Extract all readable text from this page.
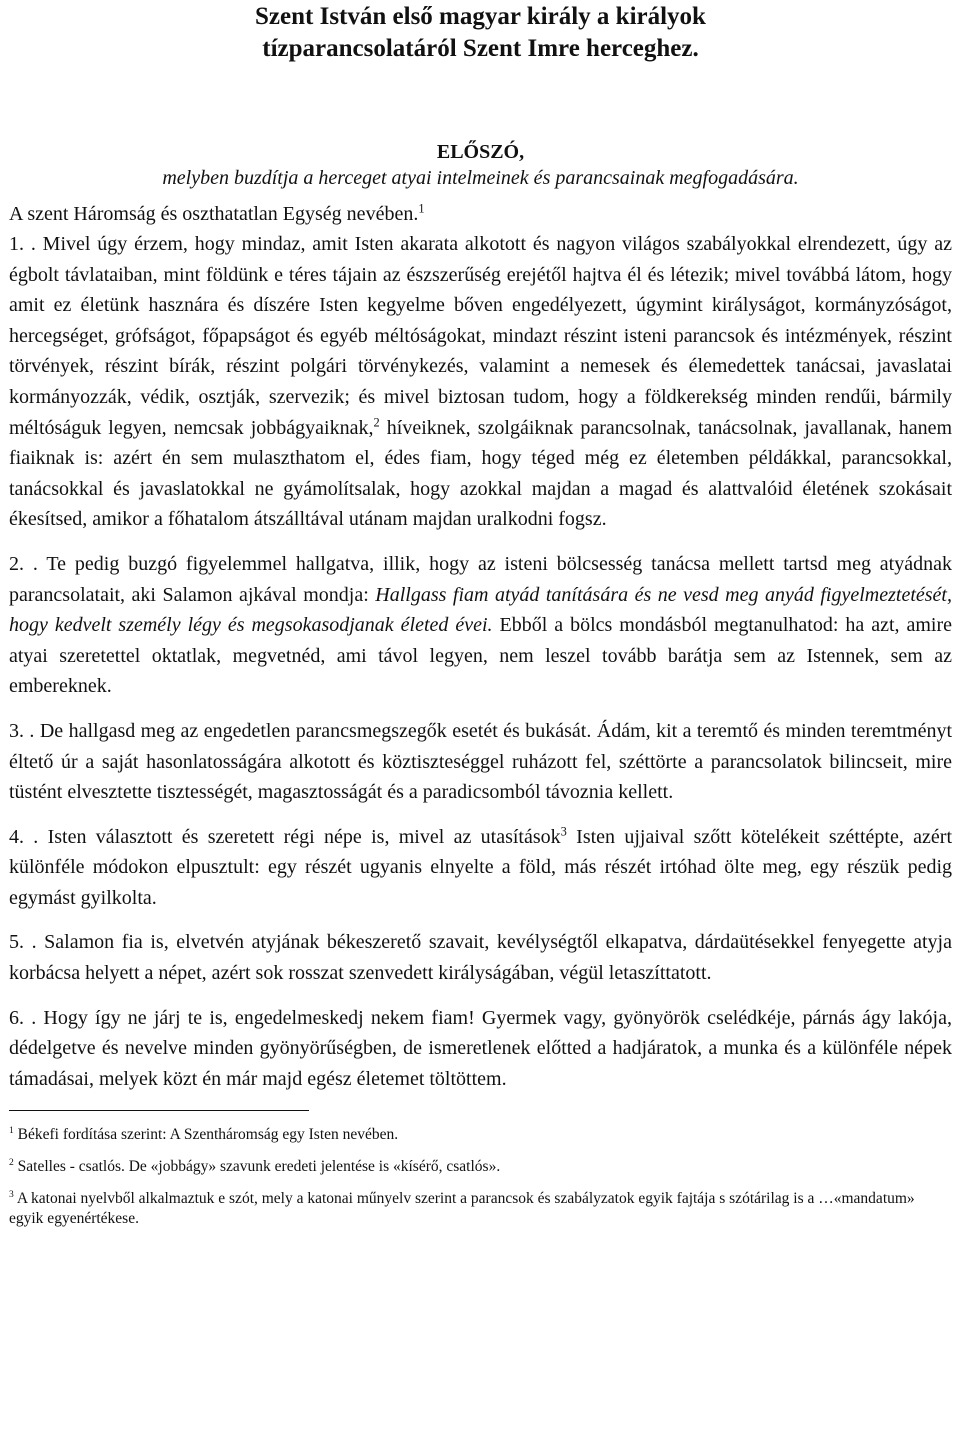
Szent István első magyar király a királyok
tízparancsolatáról Szent Imre herceghez.
ELŐSZÓ,
melyben buzdítja a herceget atyai intelmeinek és parancsainak megfogadására.
A szent Háromság és oszthatatlan Egység nevében.$^1$

1. . Mivel úgy érzem, hogy mindaz, amit Isten akarata alkotott és nagyon világos szabályokkal elrendezett, úgy az égbolt távlataiban, mint földünk e téres tájain az észszerűség erejétől hajtva él és létezik; mivel továbbá látom, hogy amit ez életünk hasznára és díszére Isten kegyelme bőven engedélyezett, úgymint királyságot, kormányzóságot, hercegséget, grófságot, főpapságot és egyéb méltóságokat, mindazt részint isteni parancsok és intézmények, részint törvények, részint bírák, részint polgári törvénykezés, valamint a nemesek és élemedettek tanácsai, javaslatai kormányozzák, védik, osztják, szervezik; és mivel biztosan tudom, hogy a földkerekség minden rendűi, bármily méltóságuk legyen, nemcsak jobbágyaiknak,$^2$ híveiknek, szolgáiknak parancsolnak, tanácsolnak, javallanak, hanem fiaiknak is: azért én sem mulaszthatom el, édes fiam, hogy téged még ez életemben példákkal, parancsokkal, tanácsokkal és javaslatokkal ne gyámolítsalak, hogy azokkal majdan a magad és alattvalóid életének szokásait ékesítsed, amikor a főhatalom átszálltával utánam majdan uralkodni fogsz.

2. . Te pedig buzgó figyelemmel hallgatva, illik, hogy az isteni bölcsesség tanácsa mellett tartsd meg atyádnak parancsolatait, aki Salamon ajkával mondja: Hallgass fiam atyád tanítására és ne vesd meg anyád figyelmeztetését, hogy kedvelt személy légy és megsokasodjanak életed évei. Ebből a bölcs mondásból megtanulhatod: ha azt, amire atyai szeretettel oktatlak, megvetnéd, ami távol legyen, nem leszel tovább barátja sem az Istennek, sem az embereknek.

3. . De hallgasd meg az engedetlen parancsmegszegők esetét és bukását. Ádám, kit a teremtő és minden teremtményt éltető úr a saját hasonlatosságára alkotott és köztiszteséggel ruházott fel, széttörte a parancsolatok bilincseit, mire tüstént elvesztette tisztességét, magasztosságát és a paradicsomból távoznia kellett.

4. . Isten választott és szeretett régi népe is, mivel az utasítások$^3$ Isten ujjaival szőtt kötelékeit széttépte, azért különféle módokon elpusztult: egy részét ugyanis elnyelte a föld, más részét irtóhad ölte meg, egy részük pedig egymást gyilkolta.

5. . Salamon fia is, elvetvén atyjának békeszerető szavait, kevélységtől elkapatva, dárdaütésekkel fenyegette atyja korbácsa helyett a népet, azért sok rosszat szenvedett királyságában, végül letaszíttatott.

6. . Hogy így ne járj te is, engedelmeskedj nekem fiam! Gyermek vagy, gyönyörök cselédkéje, párnás ágy lakója, dédelgetve és nevelve minden gyönyörűségben, de ismeretlenek előtted a hadjáratok, a munka és a különféle népek támadásai, melyek közt én már majd egész életemet töltöttem.

$^1$ Békefi fordítása szerint: A Szentháromság egy Isten nevében.

$^2$ Satelles - csatlós. De «jobbágy» szavunk eredeti jelentése is «kísérő, csatlós».

$^3$ A katonai nyelvből alkalmaztuk e szót, mely a katonai műnyelv szerint a parancsok és szabályzatok egyik fajtája s szótárilag is a …«mandatum» egyik egyenértékese.
